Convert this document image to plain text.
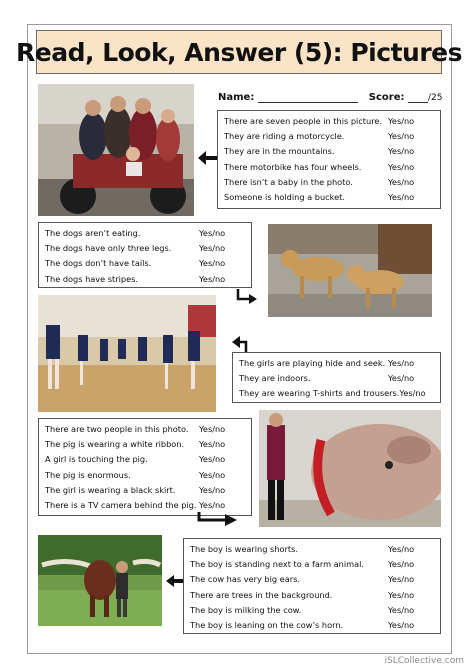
Read, Look, Answer (5): Pictures
Name:	Score:	/25
There are seven people in this picture. Yes/no
They are riding a motorcycle.	Yes/no
They are in the mountains.	Yes/no
There motorbike has four wheels.	Yes/no
There isn’t a baby in the photo.	Yes/no
Someone is holding a bucket.	Yes/no
The dogs aren’t eating.	Yes/no
The dogs have only three legs.	Yes/no
The dogs don’t have tails.	Yes/no
The dogs have stripes.	Yes/no
The girls are playing hide and seek. Yes/no
They are indoors.	Yes/no
They are wearing T-shirts and trousers. Yes/no
There are two people in this photo. Yes/no
The pig is wearing a white ribbon. Yes/no
A girl is touching the pig.	Yes/no
The pig is enormous.	Yes/no
The girl is wearing a black skirt.	Yes/no
There is a TV camera behind the pig. Yes/no
The boy is wearing shorts.	Yes/no
The boy is standing next to a farm animal.	Yes/no
The cow has very big ears.	Yes/no
There are trees in the background.	Yes/no
The boy is milking the cow.	Yes/no
The boy is leaning on the cow’s horn.	Yes/no
iSLCollective.com
